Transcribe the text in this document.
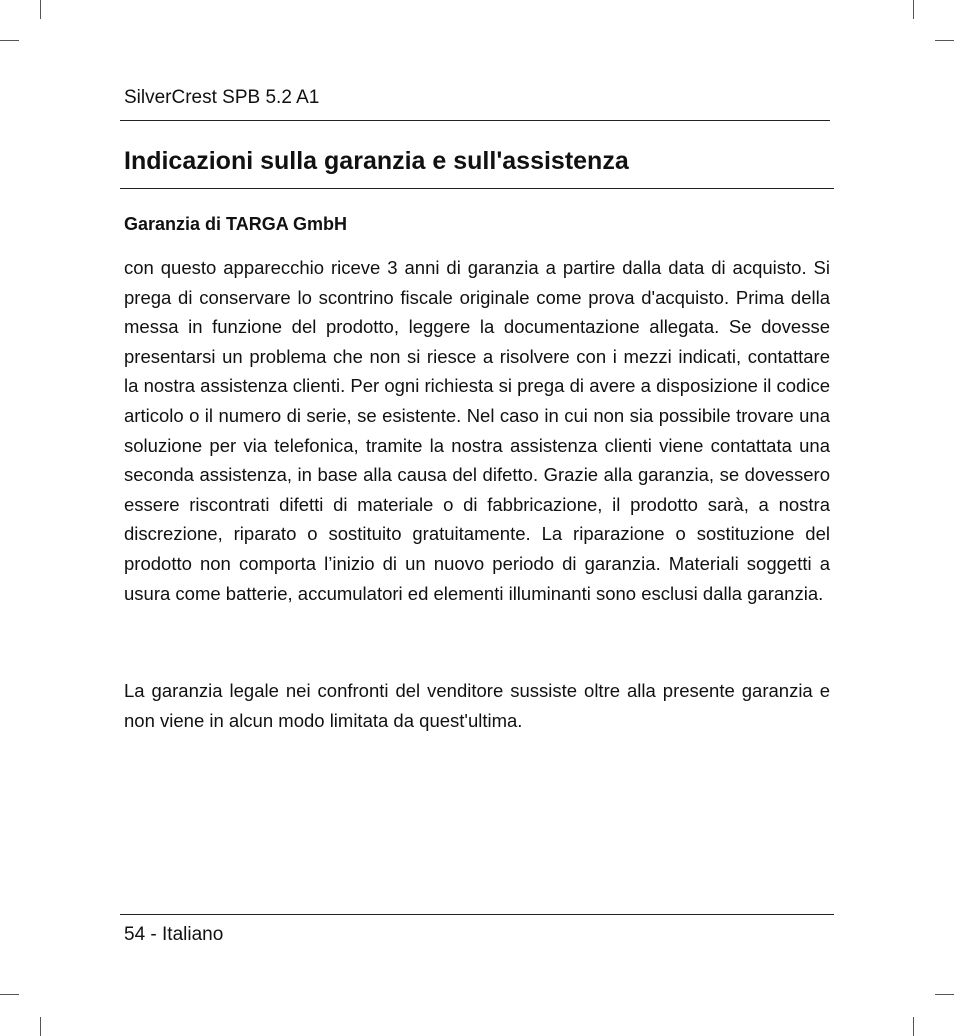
SilverCrest SPB 5.2 A1
Indicazioni sulla garanzia e sull'assistenza
Garanzia di TARGA GmbH

con questo apparecchio riceve 3 anni di garanzia a partire dalla data di acquisto. Si prega di conservare lo scontrino fiscale originale come prova d'acquisto. Prima della messa in funzione del prodotto, leggere la documentazione allegata. Se dovesse presentarsi un problema che non si riesce a risolvere con i mezzi indicati, contattare la nostra assistenza clienti. Per ogni richiesta si prega di avere a disposizione il codice articolo o il numero di serie, se esistente. Nel caso in cui non sia possibile trovare una soluzione per via telefonica, tramite la nostra assistenza clienti viene contattata una seconda assistenza, in base alla causa del difetto. Grazie alla garanzia, se dovessero essere riscontrati difetti di materiale o di fabbricazione, il prodotto sarà, a nostra discrezione, riparato o sostituito gratuitamente. La riparazione o sostituzione del prodotto non comporta l’inizio di un nuovo periodo di garanzia. Materiali soggetti a usura come batterie, accumulatori ed elementi illuminanti sono esclusi dalla garanzia.

La garanzia legale nei confronti del venditore sussiste oltre alla presente garanzia e non viene in alcun modo limitata da quest'ultima.

54 - Italiano
